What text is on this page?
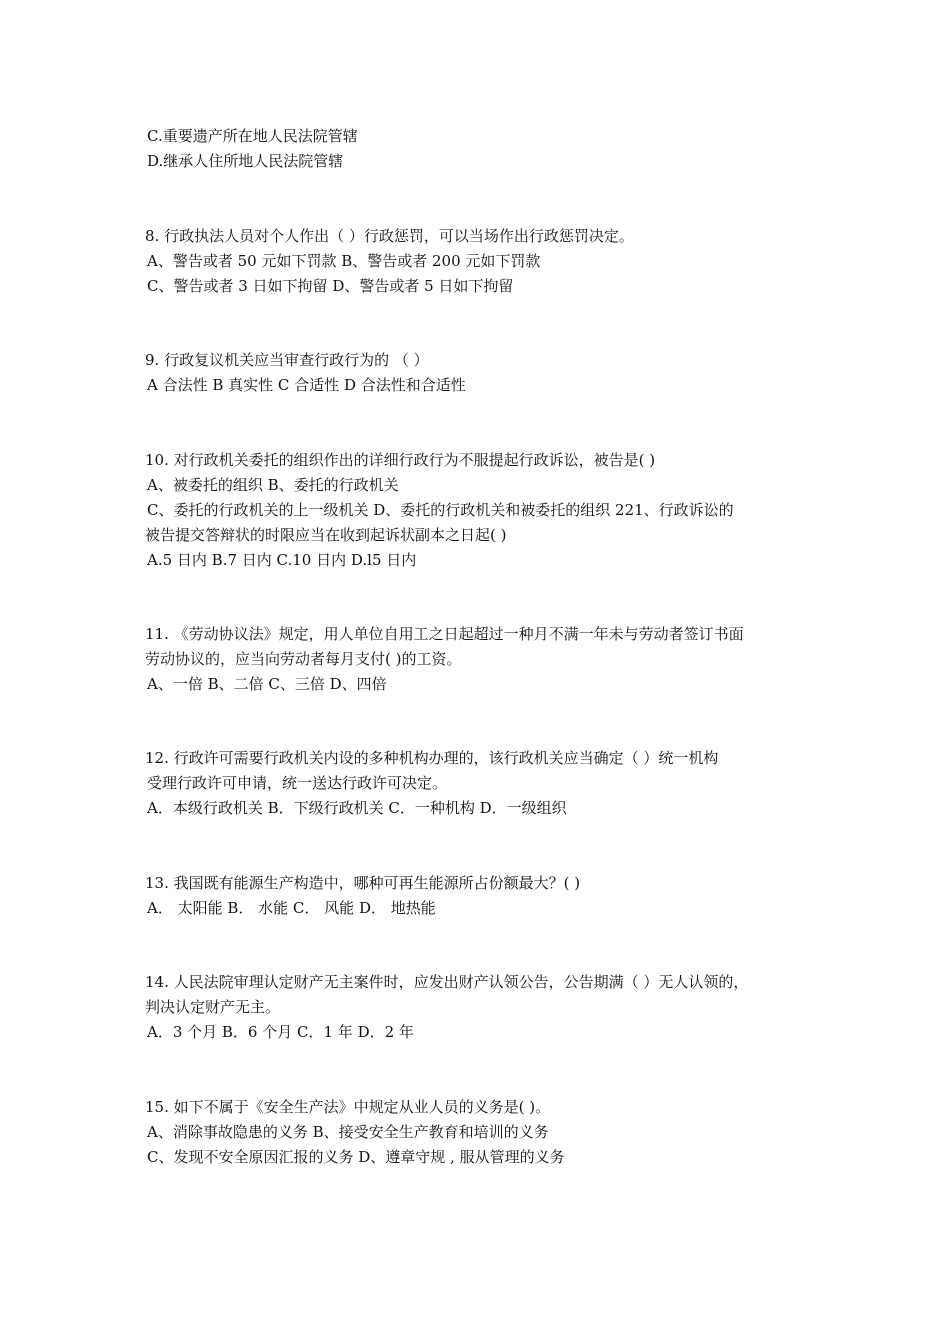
C.重要遗产所在地人民法院管辖
D.继承人住所地人民法院管辖
8. 行政执法人员对个人作出（ ）行政惩罚，可以当场作出行政惩罚决定。
A、警告或者 50 元如下罚款 B、警告或者 200 元如下罚款
C、警告或者 3 日如下拘留 D、警告或者 5 日如下拘留
9. 行政复议机关应当审查行政行为的 （ ）
A 合法性 B 真实性 C 合适性 D 合法性和合适性
10. 对行政机关委托的组织作出的详细行政行为不服提起行政诉讼，被告是( )
A、被委托的组织 B、委托的行政机关
C、委托的行政机关的上一级机关 D、委托的行政机关和被委托的组织 221、行政诉讼的
被告提交答辩状的时限应当在收到起诉状副本之日起( )
A.5 日内 B.7 日内 C.10 日内 D.l5 日内
11. 《劳动协议法》规定，用人单位自用工之日起超过一种月不满一年未与劳动者签订书面
劳动协议的，应当向劳动者每月支付( )的工资。
A、一倍 B、二倍 C、三倍 D、四倍
12. 行政许可需要行政机关内设的多种机构办理的，该行政机关应当确定（ ）统一机构
受理行政许可申请，统一送达行政许可决定。
A．本级行政机关 B．下级行政机关 C．一种机构 D．一级组织
13. 我国既有能源生产构造中，哪种可再生能源所占份额最大？( )
A． 太阳能 B． 水能 C． 风能 D． 地热能
14. 人民法院审理认定财产无主案件时，应发出财产认领公告，公告期满（ ）无人认领的，
判决认定财产无主。
A．3 个月 B．6 个月 C．1 年 D．2 年
15. 如下不属于《安全生产法》中规定从业人员的义务是( )。
A、消除事故隐患的义务 B、接受安全生产教育和培训的义务
C、发现不安全原因汇报的义务 D、遵章守规 , 服从管理的义务
